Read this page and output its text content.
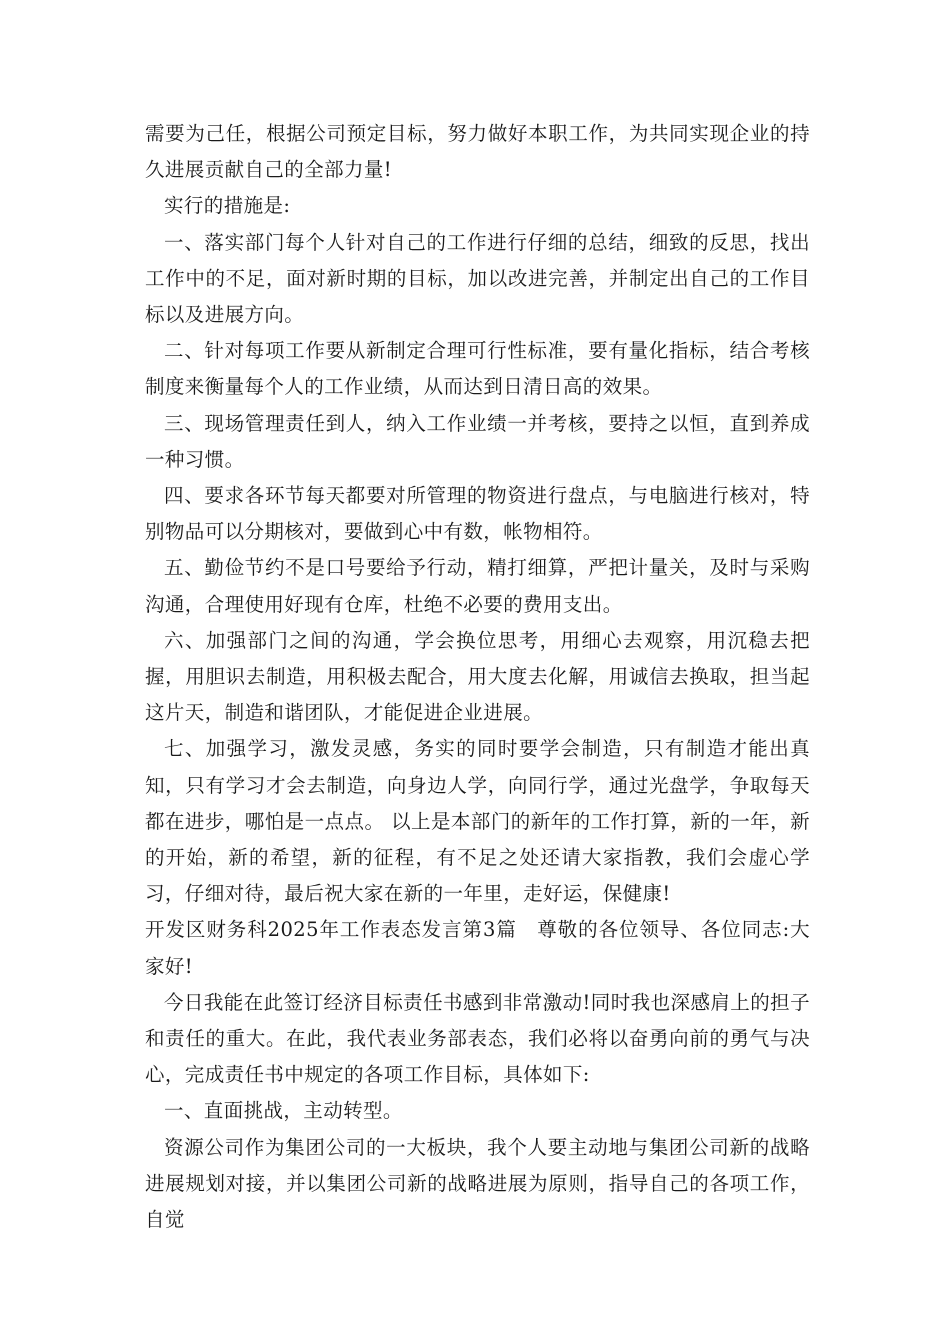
需要为己任，根据公司预定目标，努力做好本职工作，为共同实现企业的持久进展贡献自己的全部力量!

实行的措施是:

一、落实部门每个人针对自己的工作进行仔细的总结，细致的反思，找出工作中的不足，面对新时期的目标，加以改进完善，并制定出自己的工作目标以及进展方向。

二、针对每项工作要从新制定合理可行性标准，要有量化指标，结合考核制度来衡量每个人的工作业绩，从而达到日清日高的效果。

三、现场管理责任到人，纳入工作业绩一并考核，要持之以恒，直到养成一种习惯。

四、要求各环节每天都要对所管理的物资进行盘点，与电脑进行核对，特别物品可以分期核对，要做到心中有数，帐物相符。

五、勤俭节约不是口号要给予行动，精打细算，严把计量关，及时与采购沟通，合理使用好现有仓库，杜绝不必要的费用支出。

六、加强部门之间的沟通，学会换位思考，用细心去观察，用沉稳去把握，用胆识去制造，用积极去配合，用大度去化解，用诚信去换取，担当起这片天，制造和谐团队，才能促进企业进展。

七、加强学习，激发灵感，务实的同时要学会制造，只有制造才能出真知，只有学习才会去制造，向身边人学，向同行学，通过光盘学，争取每天都在进步，哪怕是一点点。 以上是本部门的新年的工作打算，新的一年，新的开始，新的希望，新的征程，有不足之处还请大家指教，我们会虚心学习，仔细对待，最后祝大家在新的一年里，走好运，保健康!

开发区财务科2025年工作表态发言第3篇　尊敬的各位领导、各位同志:大家好!

今日我能在此签订经济目标责任书感到非常激动!同时我也深感肩上的担子和责任的重大。在此，我代表业务部表态，我们必将以奋勇向前的勇气与决心，完成责任书中规定的各项工作目标，具体如下:

一、直面挑战，主动转型。

资源公司作为集团公司的一大板块，我个人要主动地与集团公司新的战略进展规划对接，并以集团公司新的战略进展为原则，指导自己的各项工作，自觉
